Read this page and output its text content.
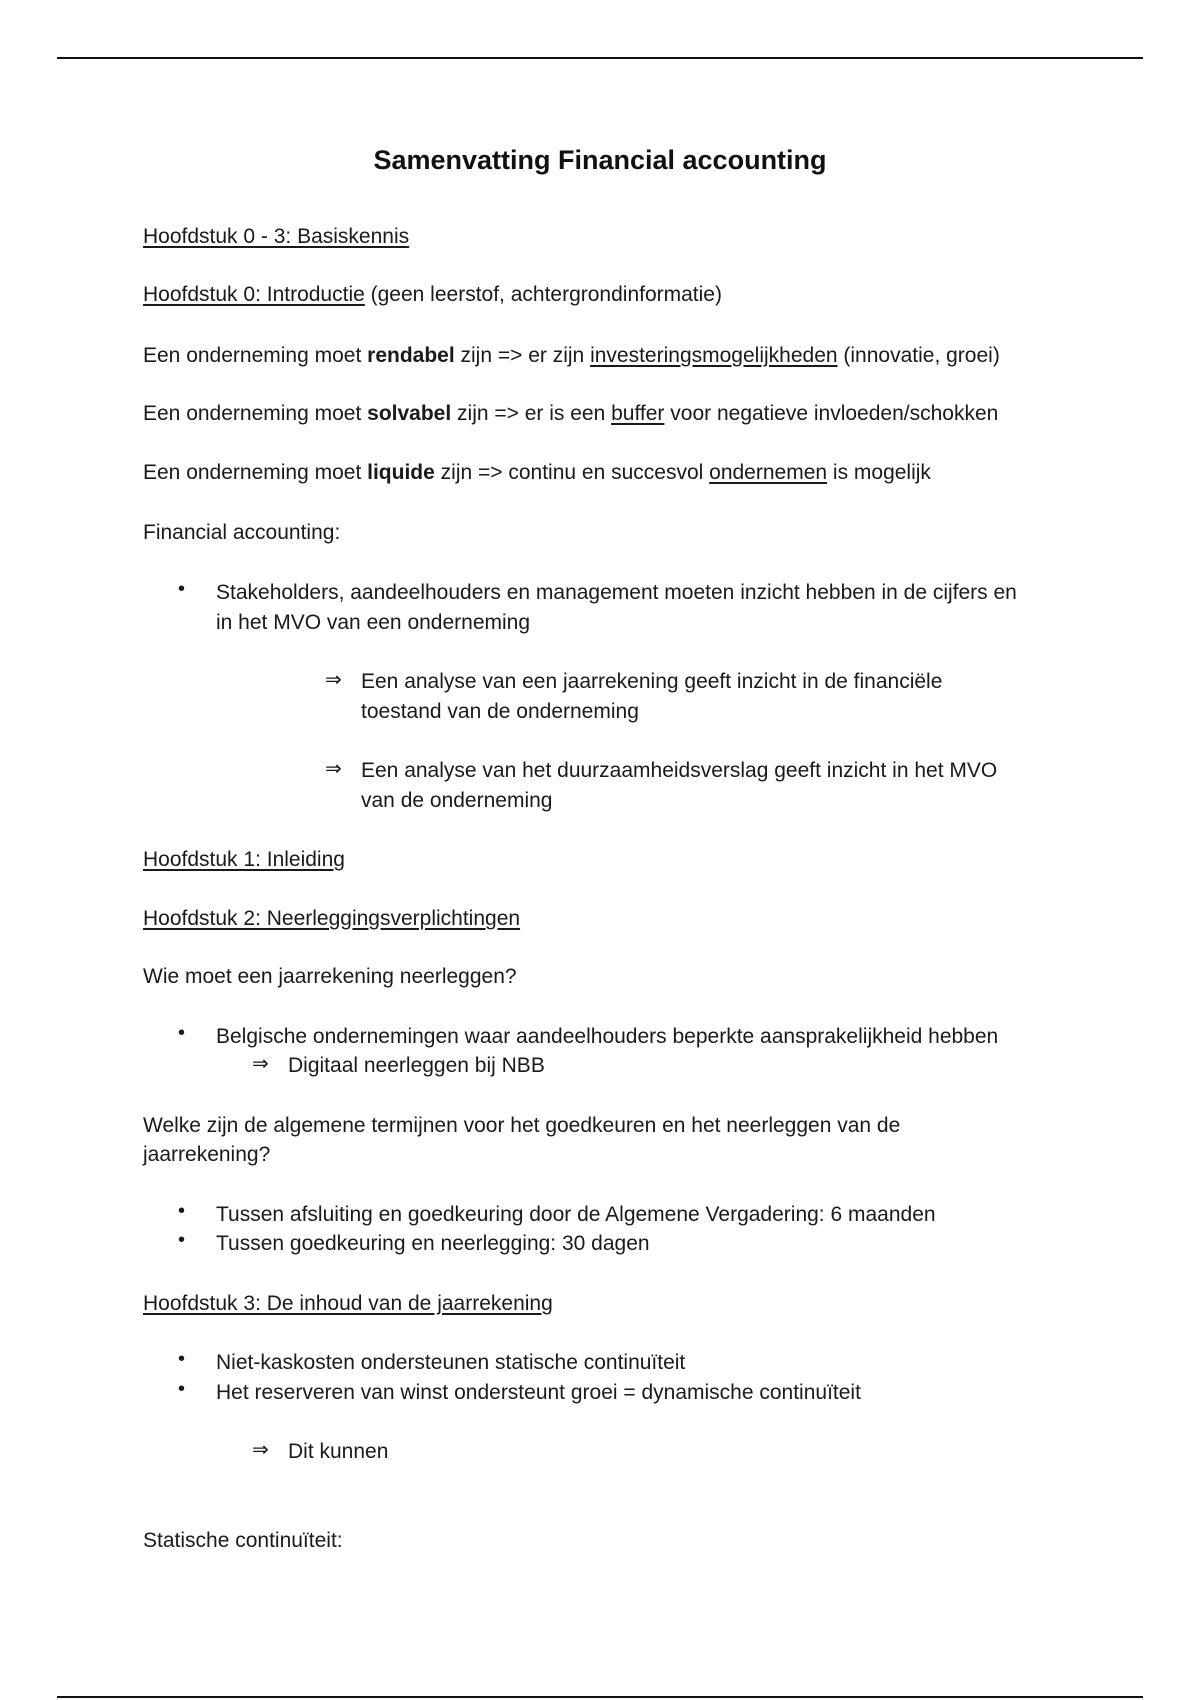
Samenvatting Financial accounting
Hoofdstuk 0 - 3: Basiskennis
Hoofdstuk 0: Introductie (geen leerstof, achtergrondinformatie)
Een onderneming moet rendabel zijn => er zijn investeringsmogelijkheden (innovatie, groei)
Een onderneming moet solvabel zijn => er is een buffer voor negatieve invloeden/schokken
Een onderneming moet liquide zijn => continu en succesvol ondernemen is mogelijk
Financial accounting:
• Stakeholders, aandeelhouders en management moeten inzicht hebben in de cijfers en
in het MVO van een onderneming
⇒ Een analyse van een jaarrekening geeft inzicht in de financiële
toestand van de onderneming
⇒ Een analyse van het duurzaamheidsverslag geeft inzicht in het MVO
van de onderneming
Hoofdstuk 1: Inleiding
Hoofdstuk 2: Neerleggingsverplichtingen
Wie moet een jaarrekening neerleggen?
• Belgische ondernemingen waar aandeelhouders beperkte aansprakelijkheid hebben
⇒ Digitaal neerleggen bij NBB
Welke zijn de algemene termijnen voor het goedkeuren en het neerleggen van de
jaarrekening?
• Tussen afsluiting en goedkeuring door de Algemene Vergadering: 6 maanden
• Tussen goedkeuring en neerlegging: 30 dagen
Hoofdstuk 3: De inhoud van de jaarrekening
• Niet-kaskosten ondersteunen statische continuïteit
• Het reserveren van winst ondersteunt groei = dynamische continuïteit
⇒ Dit kunnen
Statische continuïteit:
